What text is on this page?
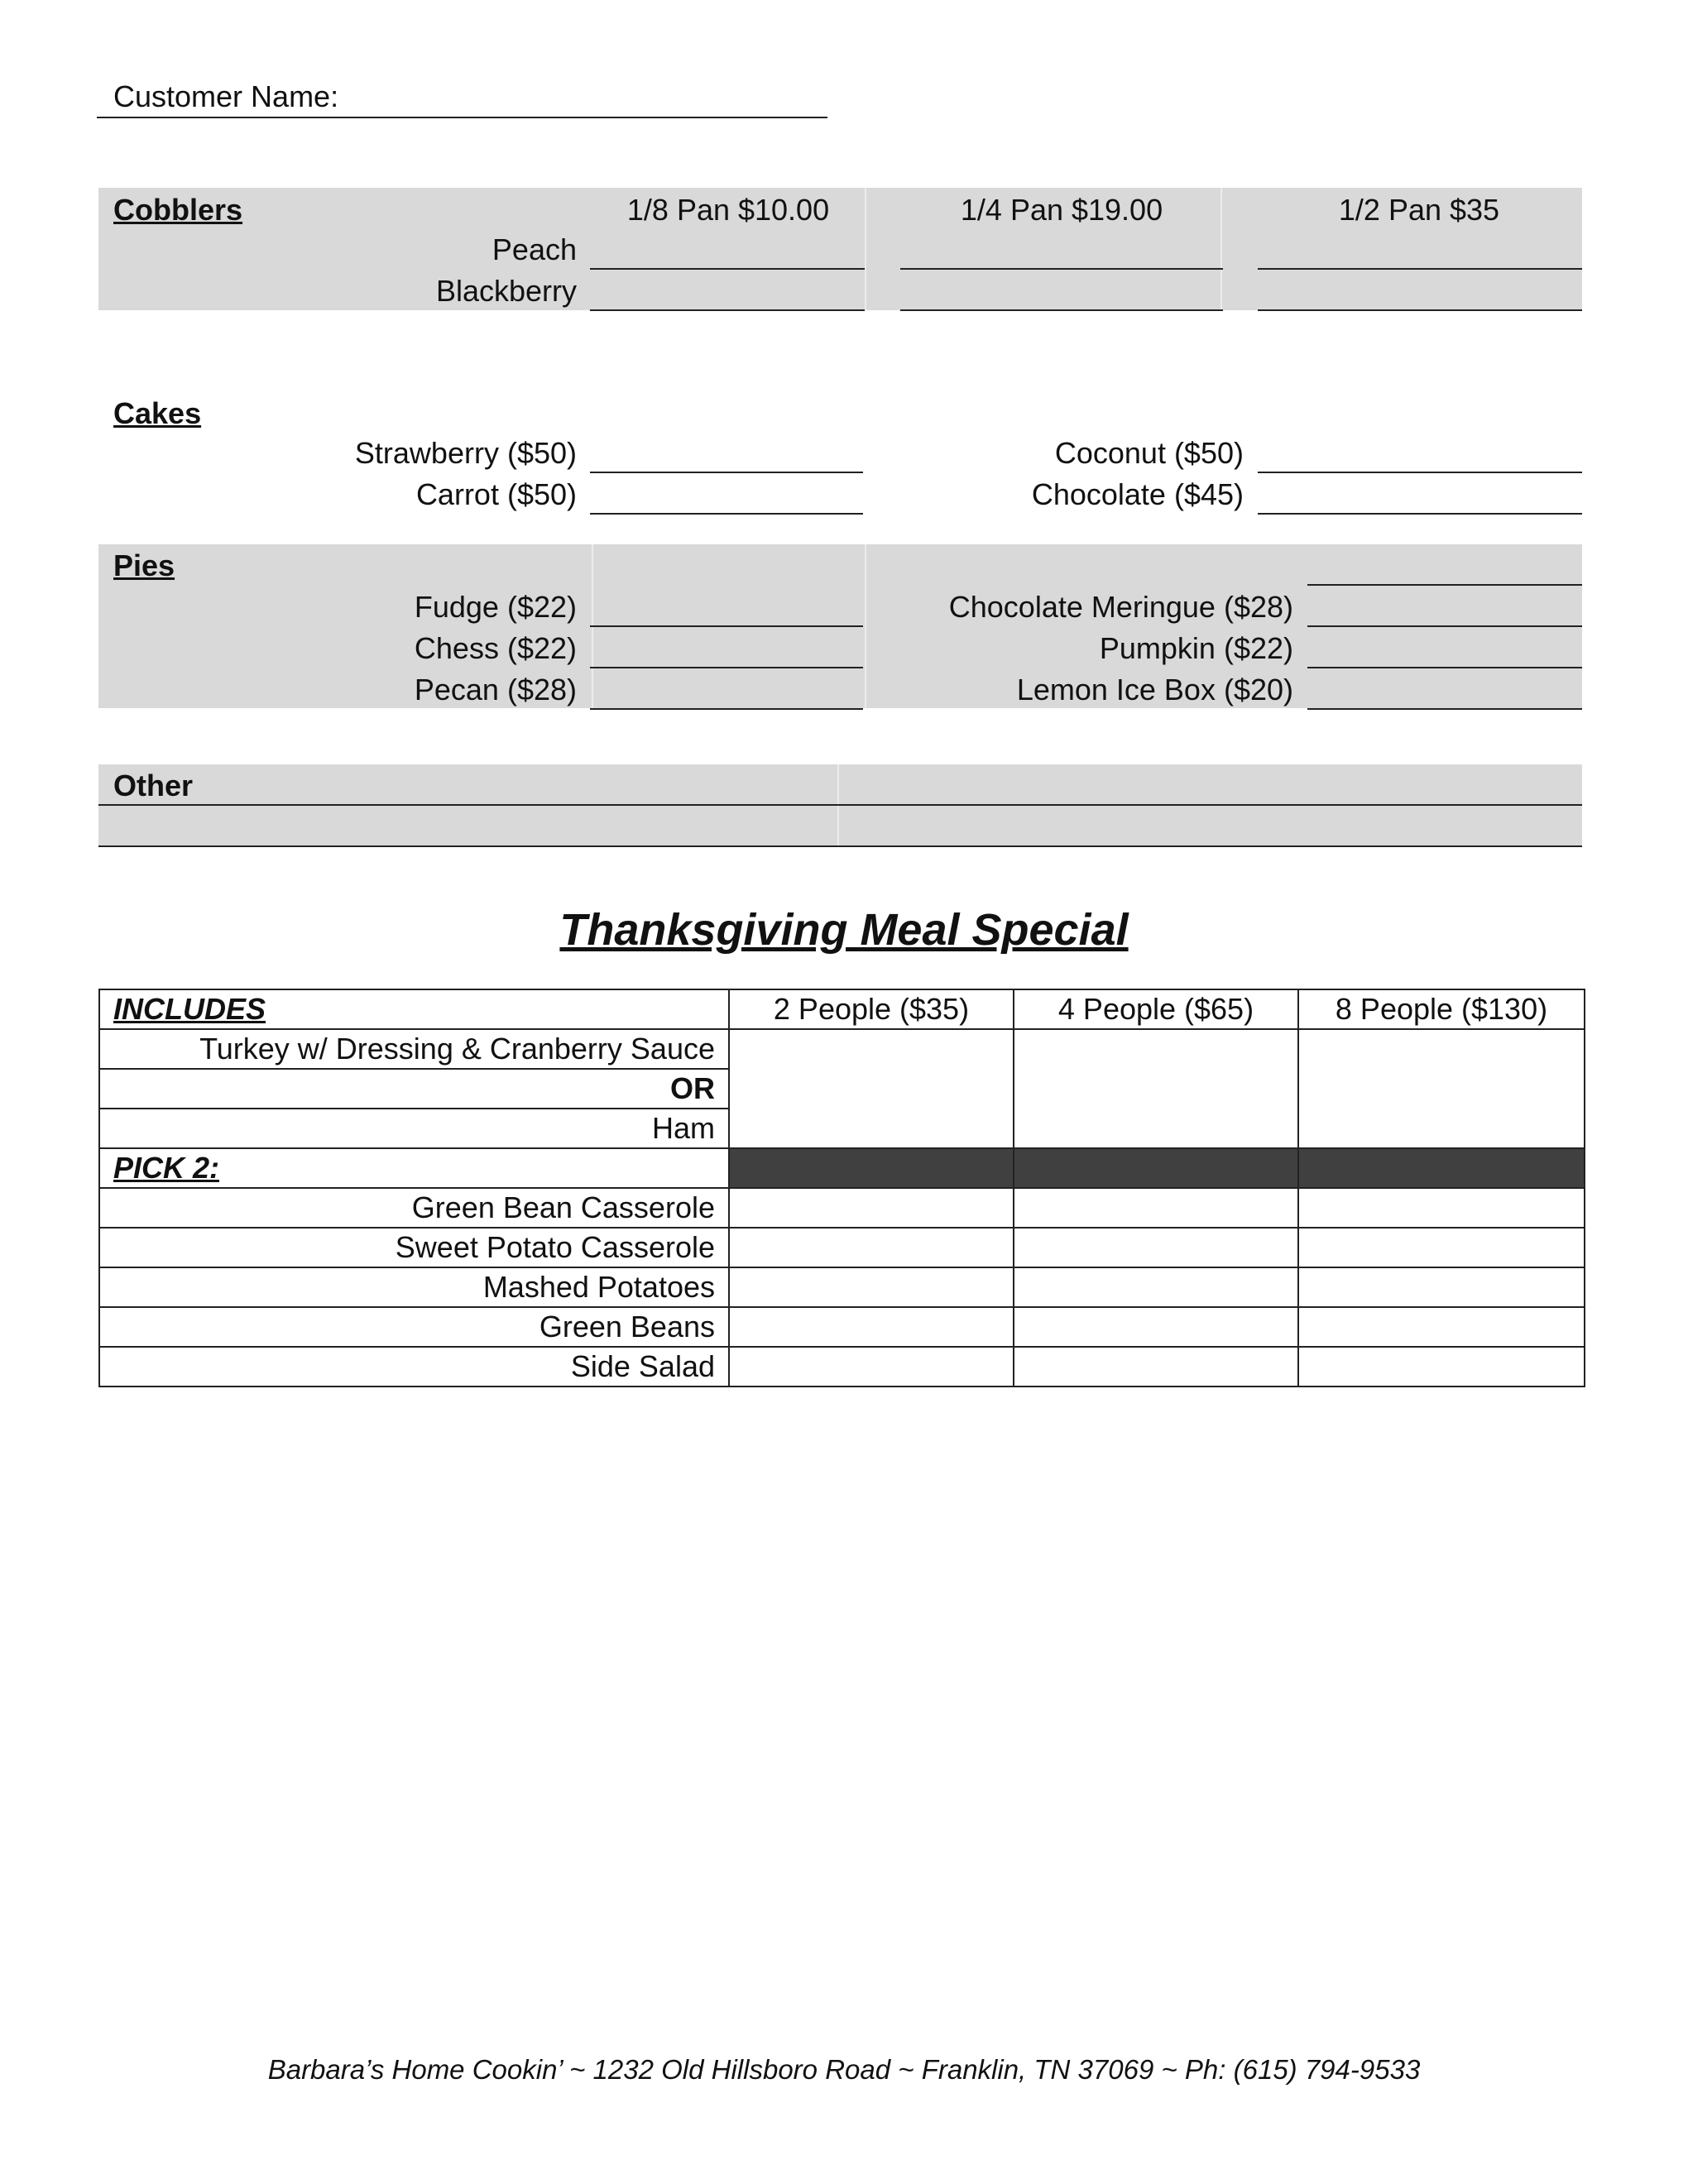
Customer Name:
Cobblers	1/8 Pan $10.00	1/4 Pan $19.00	1/2 Pan $35
Peach
Blackberry
Cakes
Strawberry ($50)
Carrot ($50)
Coconut ($50)
Chocolate ($45)
Pies
Fudge ($22)
Chess ($22)
Pecan ($28)
Chocolate Meringue ($28)
Pumpkin ($22)
Lemon Ice Box ($20)
Other
Thanksgiving Meal Special
INCLUDES	2 People ($35)	4 People ($65)	8 People ($130)
Turkey w/ Dressing & Cranberry Sauce			
OR			
Ham			
PICK 2:			
Green Bean Casserole			
Sweet Potato Casserole			
Mashed Potatoes			
Green Beans			
Side Salad			
Barbara’s Home Cookin’ ~ 1232 Old Hillsboro Road ~ Franklin, TN 37069 ~ Ph: (615) 794-9533
